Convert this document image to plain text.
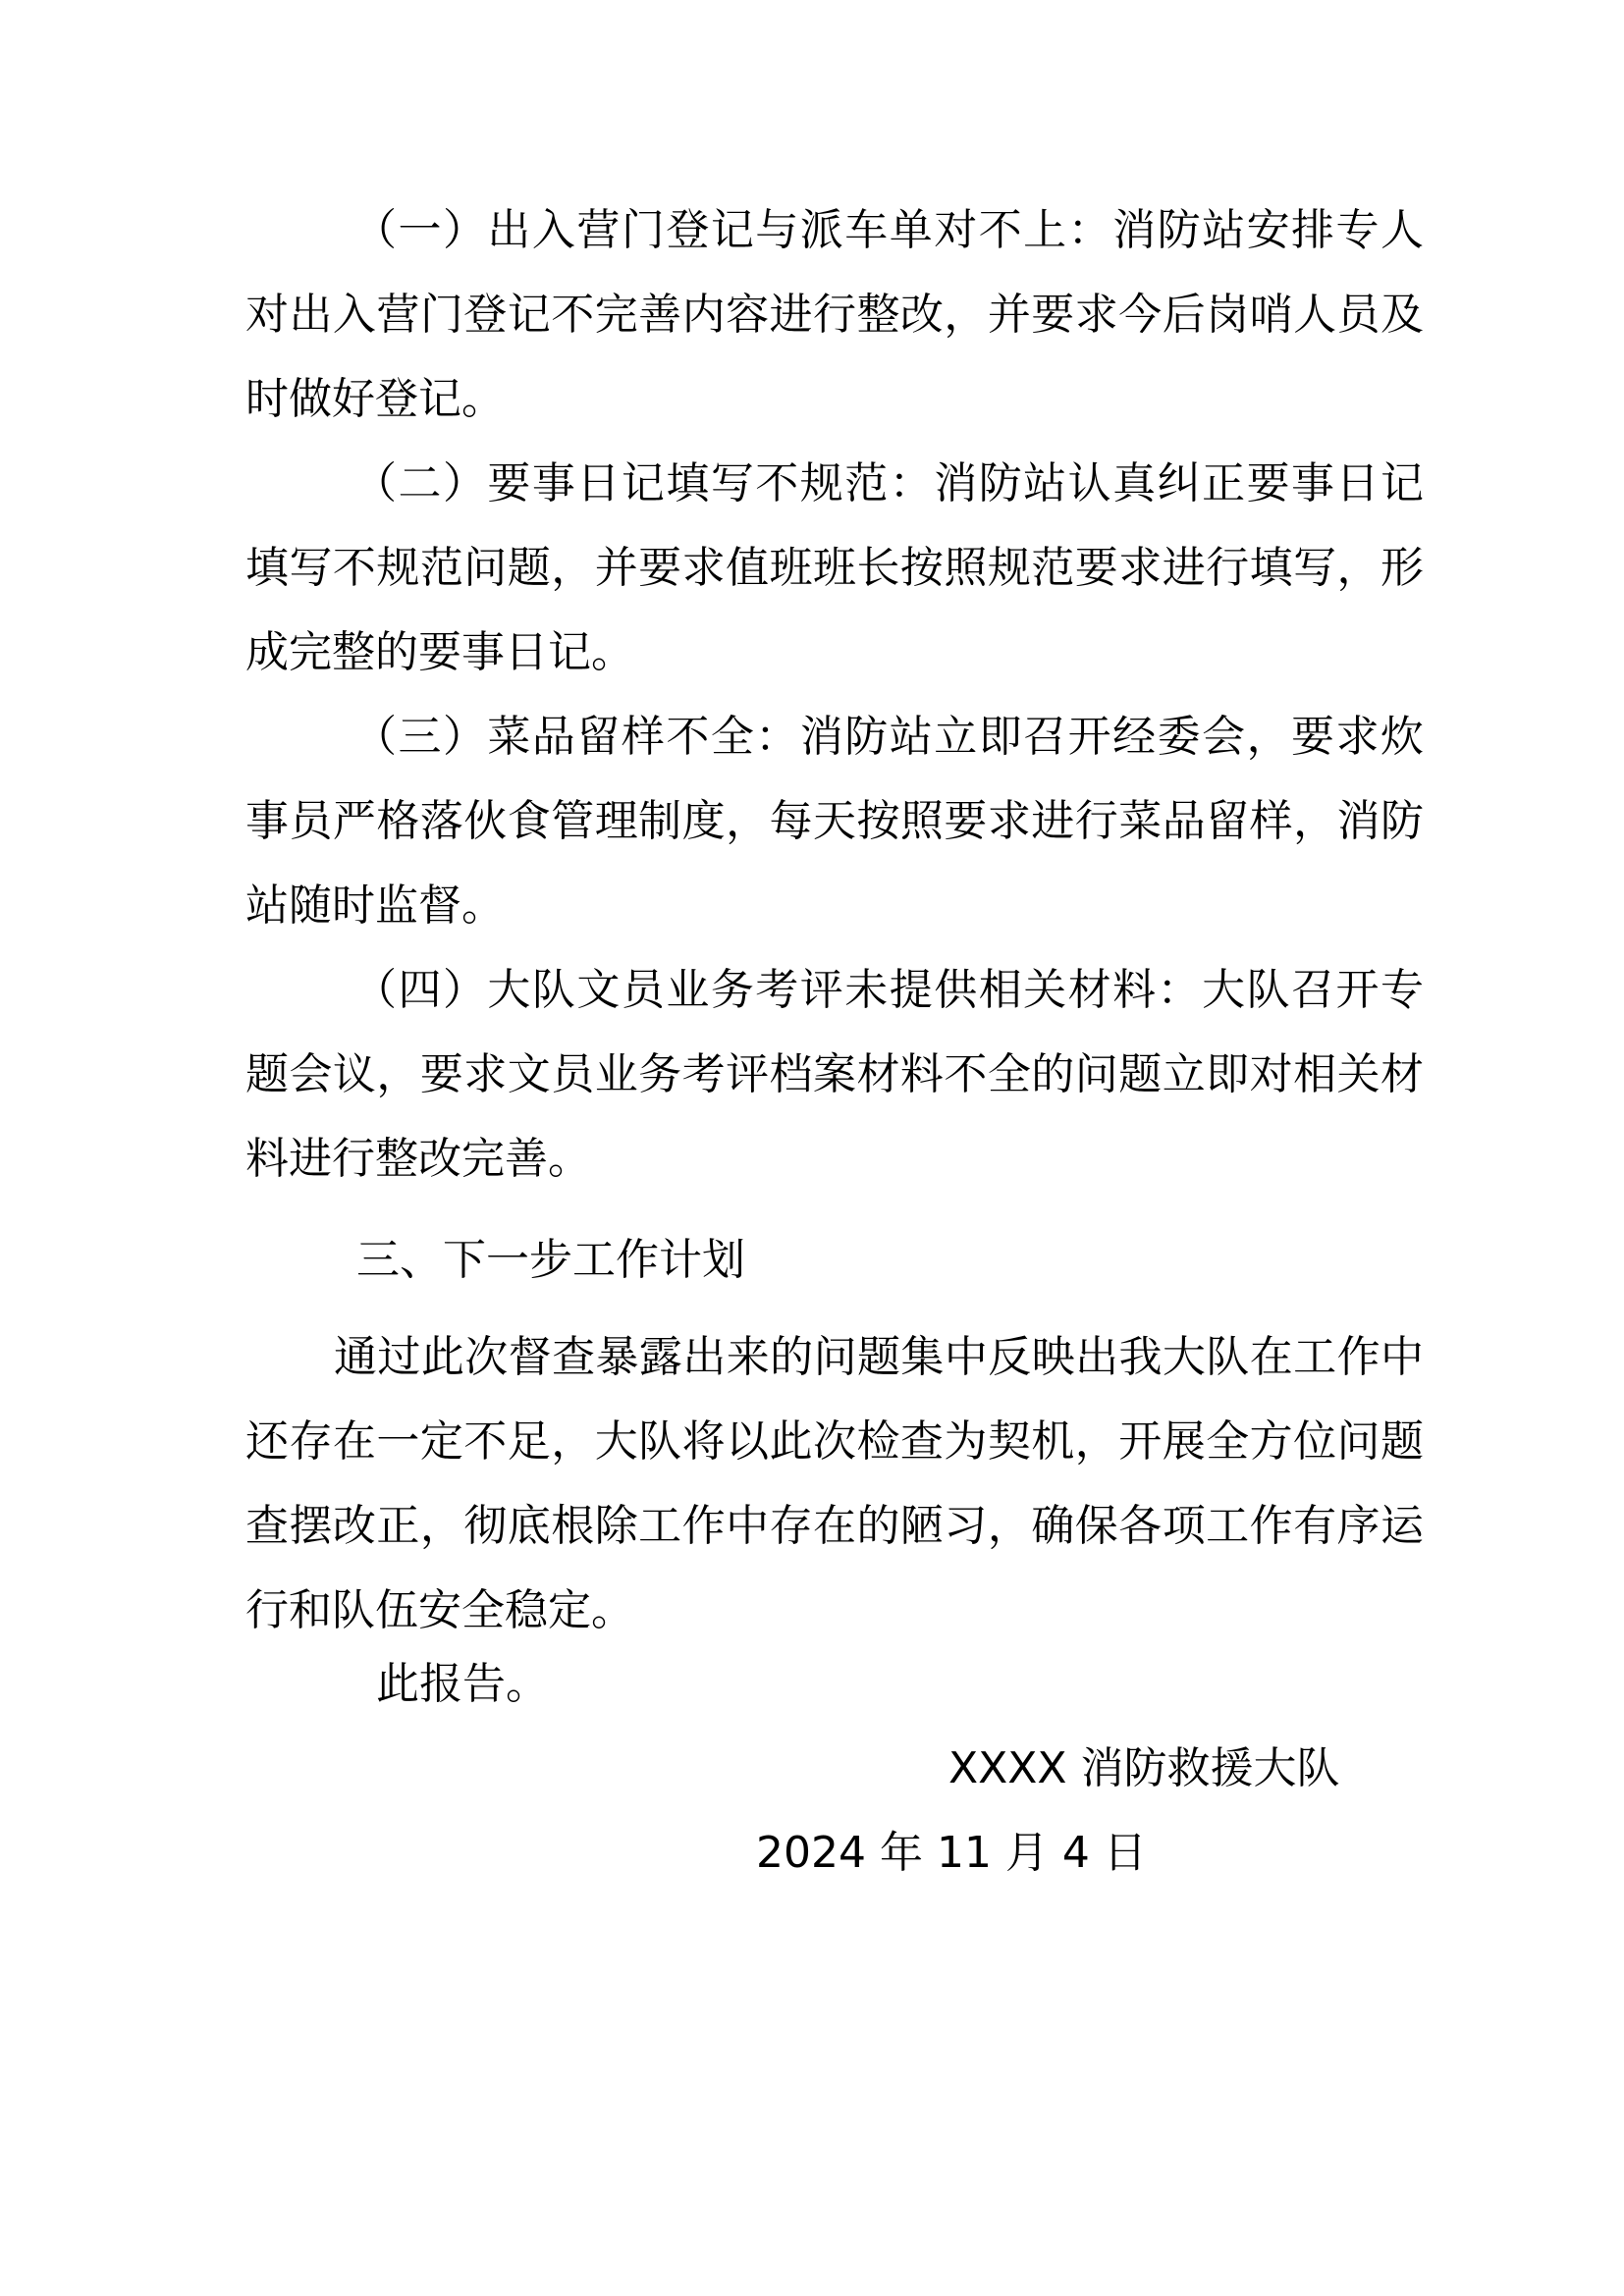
（一）出入营门登记与派车单对不上：消防站安排专人对出入营门登记不完善内容进行整改，并要求今后岗哨人员及时做好登记。

（二）要事日记填写不规范：消防站认真纠正要事日记填写不规范问题，并要求值班班长按照规范要求进行填写，形成完整的要事日记。

（三）菜品留样不全：消防站立即召开经委会，要求炊事员严格落伙食管理制度，每天按照要求进行菜品留样，消防站随时监督。

（四）大队文员业务考评未提供相关材料：大队召开专题会议，要求文员业务考评档案材料不全的问题立即对相关材料进行整改完善。

三、下一步工作计划

通过此次督查暴露出来的问题集中反映出我大队在工作中还存在一定不足，大队将以此次检查为契机，开展全方位问题查摆改正，彻底根除工作中存在的陋习，确保各项工作有序运行和队伍安全稳定。

此报告。
XXXX 消防救援大队
2024 年 11 月 4 日
